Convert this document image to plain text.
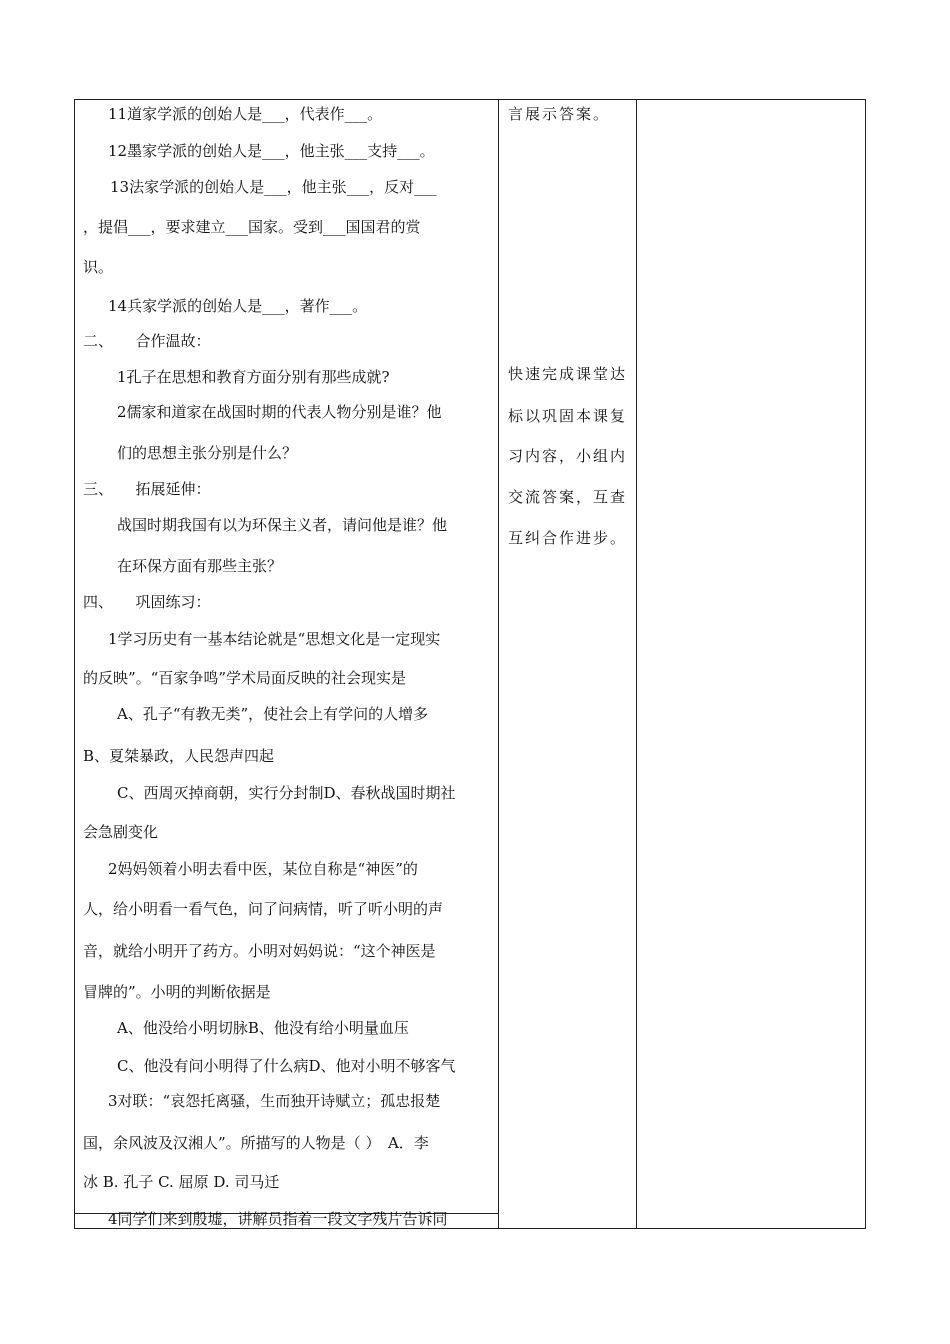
11道家学派的创始人是___，代表作___。
12墨家学派的创始人是___，他主张___支持___。
13法家学派的创始人是___，他主张___，反对___
，提倡___，要求建立___国家。受到___国国君的赏
识。
14兵家学派的创始人是___，著作___。
二、　　合作温故：
1孔子在思想和教育方面分别有那些成就?
2儒家和道家在战国时期的代表人物分别是谁？他
们的思想主张分别是什么？
三、　　拓展延伸：
战国时期我国有以为环保主义者，请问他是谁？他
在环保方面有那些主张？
四、　　巩固练习：
1学习历史有一基本结论就是“思想文化是一定现实
的反映”。“百家争鸣”学术局面反映的社会现实是
A、孔子“有教无类”，使社会上有学问的人增多
B、夏桀暴政，人民怨声四起
C、西周灭掉商朝，实行分封制D、春秋战国时期社
会急剧变化
2妈妈领着小明去看中医，某位自称是“神医”的
人，给小明看一看气色，问了问病情，听了听小明的声
音，就给小明开了药方。小明对妈妈说：“这个神医是
冒牌的”。小明的判断依据是
A、他没给小明切脉B、他没有给小明量血压
C、他没有问小明得了什么病D、他对小明不够客气
3对联：“哀怨托离骚，生而独开诗赋立；孤忠报楚
国，余风波及汉湘人”。所描写的人物是（ ）　A．李
冰 B. 孔子 C. 屈原 D. 司马迁
4同学们来到殷墟，讲解员指着一段文字残片告诉同
言展示答案。
快速完成课堂达
标以巩固本课复
习内容，小组内
交流答案，互查
互纠合作进步。
